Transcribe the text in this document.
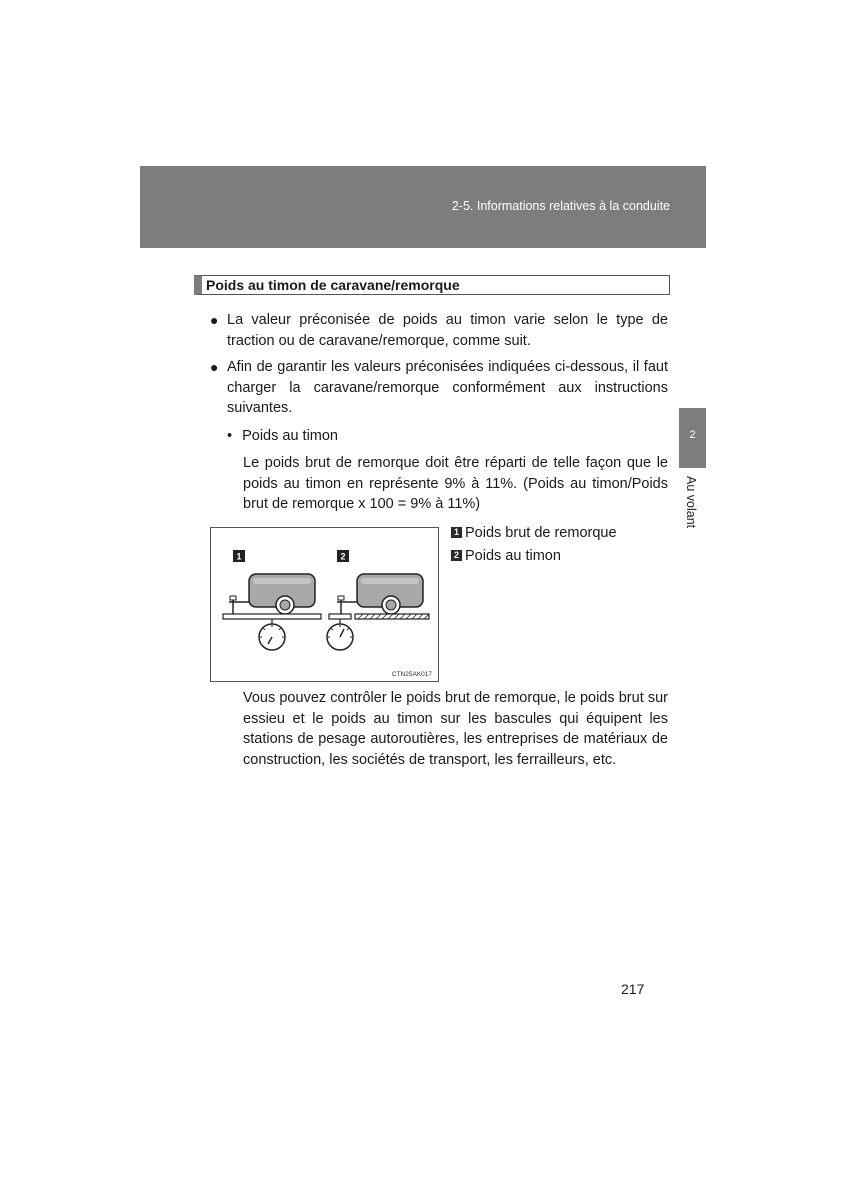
2-5. Informations relatives à la conduite
2
Au volant
Poids au timon de caravane/remorque
● La valeur préconisée de poids au timon varie selon le type de traction ou de caravane/remorque, comme suit.
● Afin de garantir les valeurs préconisées indiquées ci-dessous, il faut charger la caravane/remorque conformément aux instructions suivantes.
• Poids au timon
Le poids brut de remorque doit être réparti de telle façon que le poids au timon en représente 9% à 11%. (Poids au timon/Poids brut de remorque x 100 = 9% à 11%)
1	2
CTN25AK017
1 Poids brut de remorque
2 Poids au timon
Vous pouvez contrôler le poids brut de remorque, le poids brut sur essieu et le poids au timon sur les bascules qui équipent les stations de pesage autoroutières, les entreprises de matériaux de construction, les sociétés de transport, les ferrailleurs, etc.
217
